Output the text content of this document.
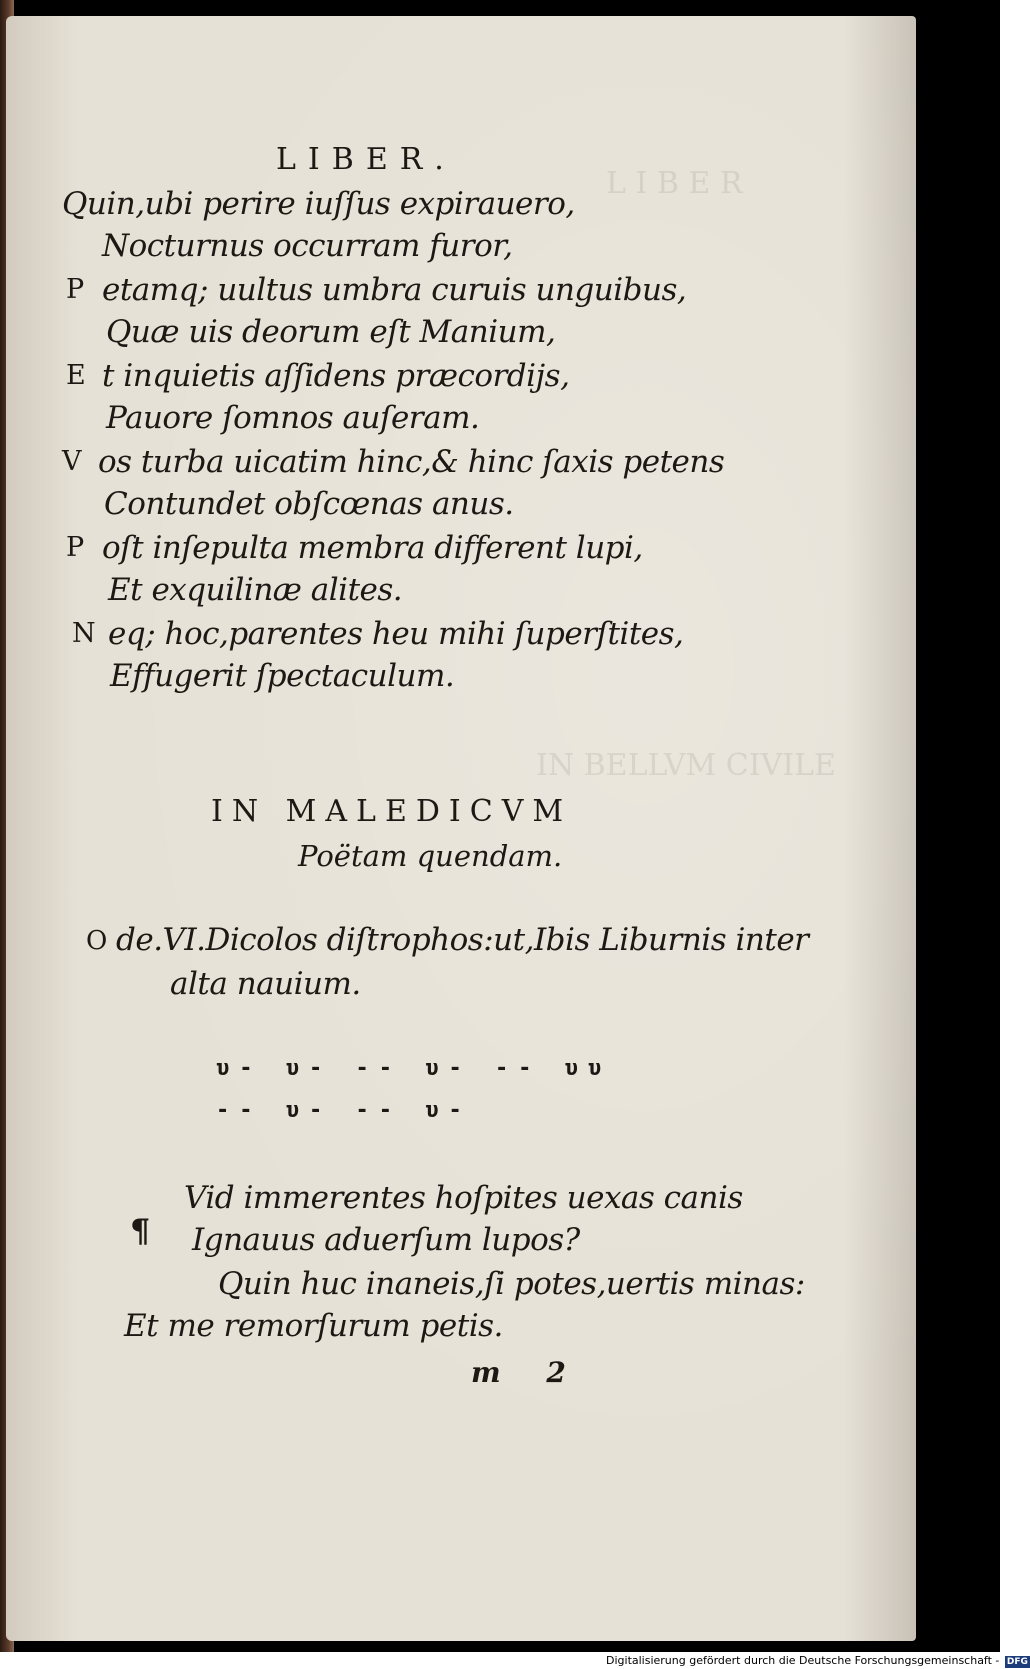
LIBER.
Quin,ubi perire iuſſus expirauero,
Nocturnus occurram furor,
P etamq; uultus umbra curuis unguibus,
Quæ uis deorum eſt Manium,
E t inquietis aſſidens præcordijs,
Pauore ſomnos auſeram.
V os turba uicatim hinc,& hinc ſaxis petens
Contundet obſcœnas anus.
P oſt inſepulta membra different lupi,
Et exquilinæ alites.
N eq; hoc,parentes heu mihi ſuperſtites,
Effugerit ſpectaculum.
L I B E R
IN BELLVM CIVILE
IN MALEDICVM
Poëtam quendam.
O de.VI.Dicolos diſtrophos:ut,Ibis Liburnis inter
alta nauium.
υ- υ- -- υ- -- υυ
-- υ- -- υ-
¶
Vid immerentes hoſpites uexas canis
Ignauus aduerſum lupos?
Quin huc inaneis,ſi potes,uertis minas:
Et me remorſurum petis.
m 2
Digitalisierung gefördert durch die Deutsche Forschungsgemeinschaft - DFG
